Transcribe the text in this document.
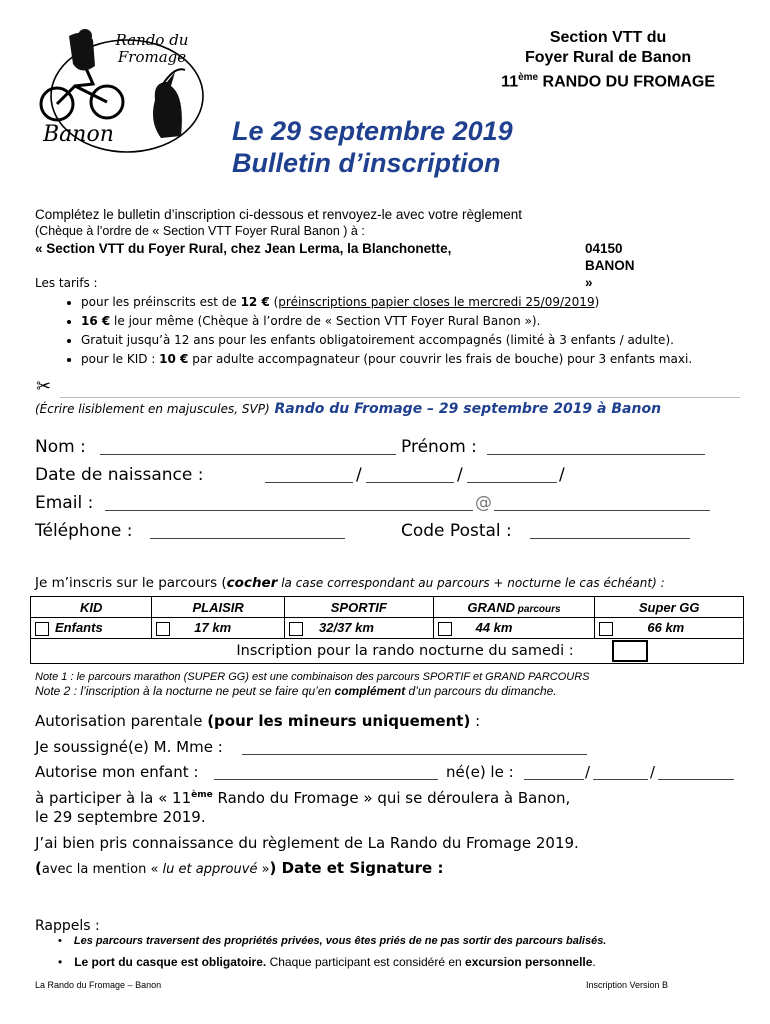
Rando du Fromage
Banon
Section VTT du
Foyer Rural de Banon
11ème RANDO DU FROMAGE
Le 29 septembre 2019
Bulletin d’inscription
Complétez le bulletin d’inscription ci-dessous et renvoyez-le avec votre règlement
(Chèque à l’ordre de « Section VTT Foyer Rural Banon ) à :
« Section VTT du Foyer Rural, chez Jean Lerma, la Blanchonette,	04150 BANON »
Les tarifs :
• pour les préinscrits est de 12 € (préinscriptions papier closes le mercredi 25/09/2019)
• 16 € le jour même (Chèque à l’ordre de « Section VTT Foyer Rural Banon »).
• Gratuit jusqu’à 12 ans pour les enfants obligatoirement accompagnés (limité à 3 enfants / adulte).
• pour le KID : 10 € par adulte accompagnateur (pour couvrir les frais de bouche) pour 3 enfants maxi.
✂
(Écrire lisiblement en majuscules, SVP) Rando du Fromage – 29 septembre 2019 à Banon
Nom :	Prénom :
Date de naissance :	/	/	/
Email :	@
Téléphone :	Code Postal :
Je m’inscris sur le parcours (cocher la case correspondant au parcours + nocturne le cas échéant) :
KID	PLAISIR	SPORTIF	GRAND parcours	Super GG
Enfants	17 km	32/37 km	44 km	66 km
Inscription pour la rando nocturne du samedi :				
Note 1 : le parcours marathon (SUPER GG) est une combinaison des parcours SPORTIF et GRAND PARCOURS
Note 2 : l’inscription à la nocturne ne peut se faire qu’en complément d’un parcours du dimanche.
Autorisation parentale (pour les mineurs uniquement) :
Je soussigné(e) M. Mme :
Autorise mon enfant :	né(e) le :	/	/
à participer à la « 11ème Rando du Fromage » qui se déroulera à Banon,
le 29 septembre 2019.
J’ai bien pris connaissance du règlement de La Rando du Fromage 2019.
(avec la mention « lu et approuvé ») Date et Signature :
Rappels :
• Les parcours traversent des propriétés privées, vous êtes priés de ne pas sortir des parcours balisés.
• Le port du casque est obligatoire. Chaque participant est considéré en excursion personnelle.
La Rando du Fromage – Banon	Inscription Version B
